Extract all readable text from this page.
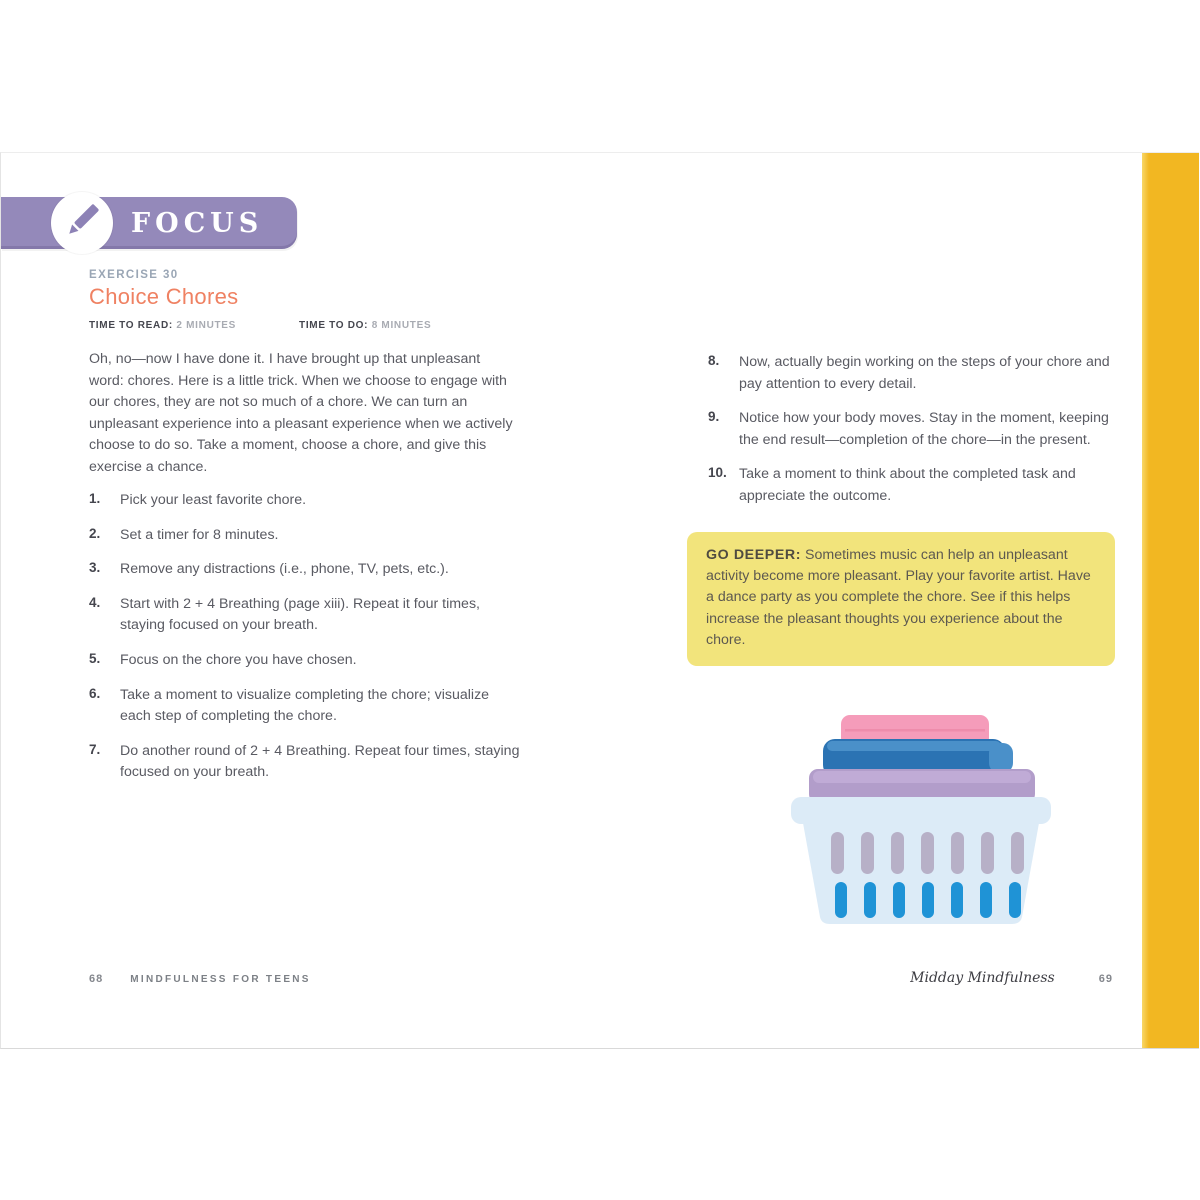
FOCUS
EXERCISE 30
Choice Chores
TIME TO READ: 2 MINUTES	TIME TO DO: 8 MINUTES
Oh, no—now I have done it. I have brought up that unpleasant word: chores. Here is a little trick. When we choose to engage with our chores, they are not so much of a chore. We can turn an unpleasant experience into a pleasant experience when we actively choose to do so. Take a moment, choose a chore, and give this exercise a chance.
1.	Pick your least favorite chore.
2.	Set a timer for 8 minutes.
3.	Remove any distractions (i.e., phone, TV, pets, etc.).
4.	Start with 2 + 4 Breathing (page xiii). Repeat it four times, staying focused on your breath.
5.	Focus on the chore you have chosen.
6.	Take a moment to visualize completing the chore; visualize each step of completing the chore.
7.	Do another round of 2 + 4 Breathing. Repeat four times, staying focused on your breath.
68	MINDFULNESS FOR TEENS
8.	Now, actually begin working on the steps of your chore and pay attention to every detail.
9.	Notice how your body moves. Stay in the moment, keeping the end result—completion of the chore—in the present.
10. Take a moment to think about the completed task and appreciate the outcome.
GO DEEPER: Sometimes music can help an unpleasant activity become more pleasant. Play your favorite artist. Have a dance party as you complete the chore. See if this helps increase the pleasant thoughts you experience about the chore.
Midday Mindfulness	69
